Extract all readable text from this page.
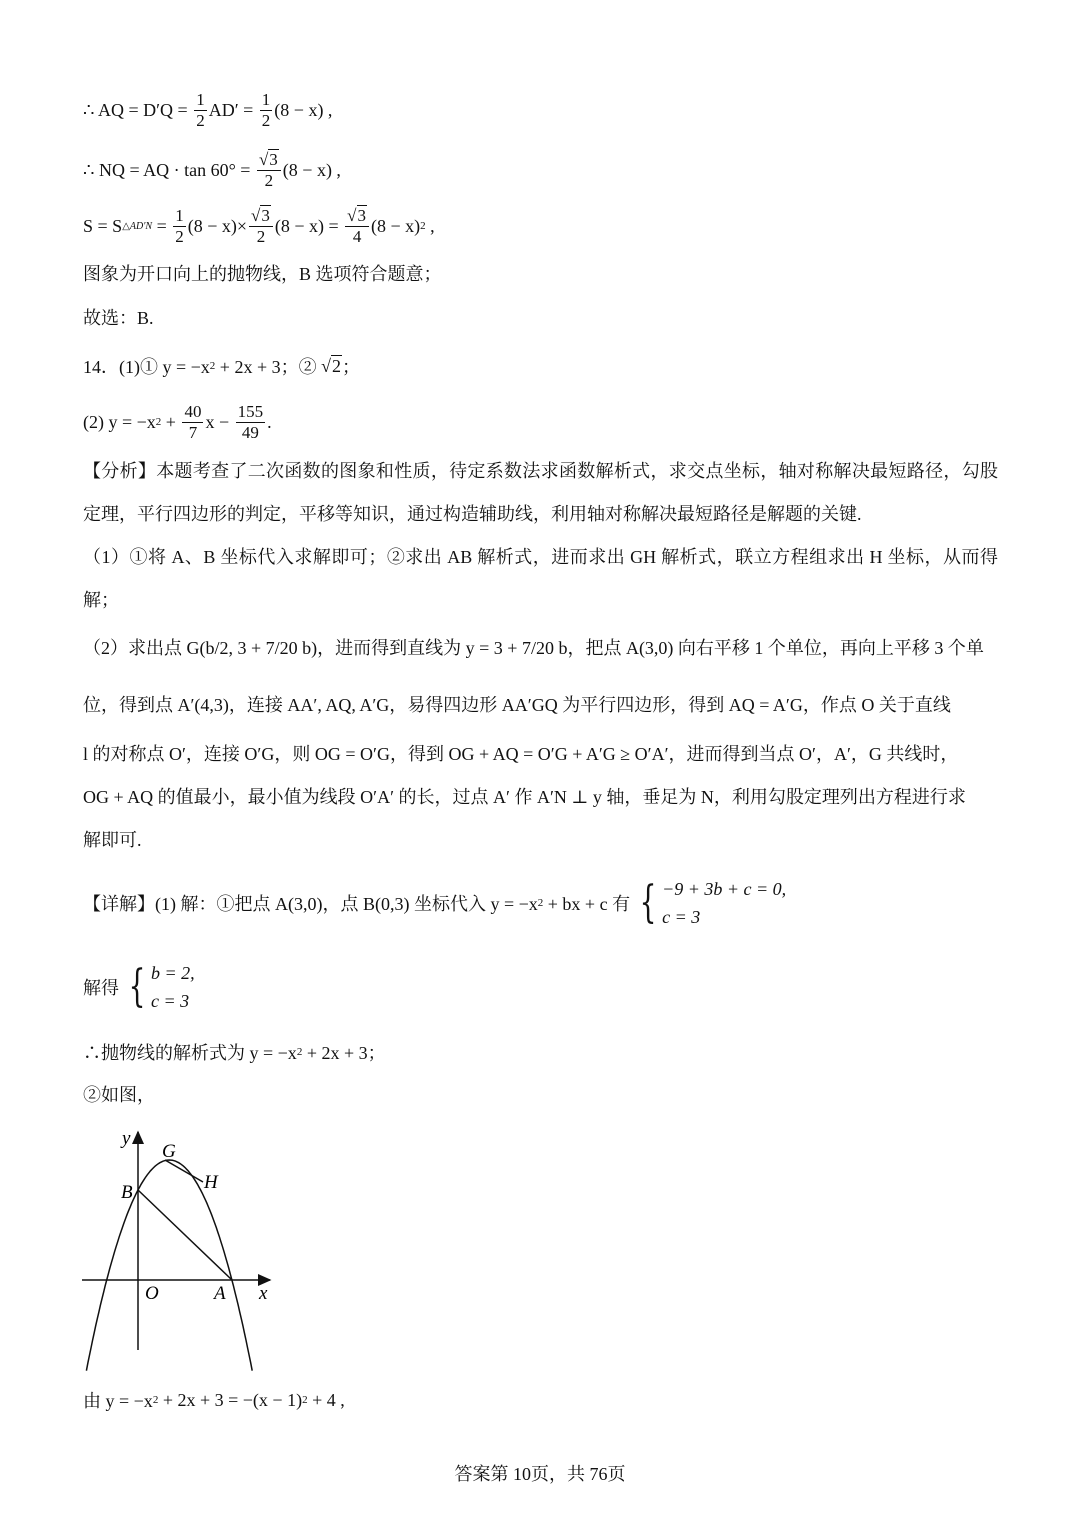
∴ AQ = $D'Q = \frac{1}{2} AD' = \frac{1}{2} (8 - x)$ ,
∴ NQ = AQ · $\tan 60^\circ = \frac{√3}{2} (8 - x)$ ,
S = S △AD′N = $\frac{1}{2} (8 - x)\times \frac{√3}{2} (8 - x) = \frac{√3}{4} (8 - x)$ 2 ,
图象为开口向上的抛物线，B 选项符合题意；
故选：B.
14．(1)① y = −x 2 + 2x + 3；② √2 ；
(2) y = −x $2 + \frac{40}{7}$ $x - \frac{155}{49}$ .
【详解】(1) 解：①把点 A(3,0)，点 B(0,3) 坐标代入 y = −x 2 + bx + c 有 { −9 + 3b + c = 0,
c = 3
解得 { b = 2,
c = 3
∴抛物线的解析式为 y = −x 2 + 2x + 3；
②如图，
由 y = −x 2 + 2x + 3 = −(x − 1) 2 + 4 ,
【分析】本题考查了二次函数的图象和性质，待定系数法求函数解析式，求交点坐标，轴对称解决最短路径，勾股定理，平行四边形的判定，平移等知识，通过构造辅助线，利用轴对称解决最短路径是解题的关键.
（1）①将 A、B 坐标代入求解即可；②求出 AB 解析式，进而求出 GH 解析式，联立方程组求出 H 坐标，从而得解；
（2）求出点 G(b/2, 3 + 7/20 b)，进而得到直线为 y = 3 + 7/20 b，把点 A(3,0) 向右平移 1 个单位，再向上平移 3 个单
位，得到点 A′(4,3)，连接 AA′, AQ, A′G，易得四边形 AA′GQ 为平行四边形，得到 AQ = A′G，作点 O 关于直线
l 的对称点 O′，连接 O′G，则 OG = O′G，得到 OG + AQ = O′G + A′G ≥ O′A′，进而得到当点 O′，A′，G 共线时，
OG + AQ 的值最小，最小值为线段 O′A′ 的长，过点 A′ 作 A′N ⊥ y 轴，垂足为 N，利用勾股定理列出方程进行求
解即可.
y
G
H
B
O	A x
答案第 10页，共 76页
